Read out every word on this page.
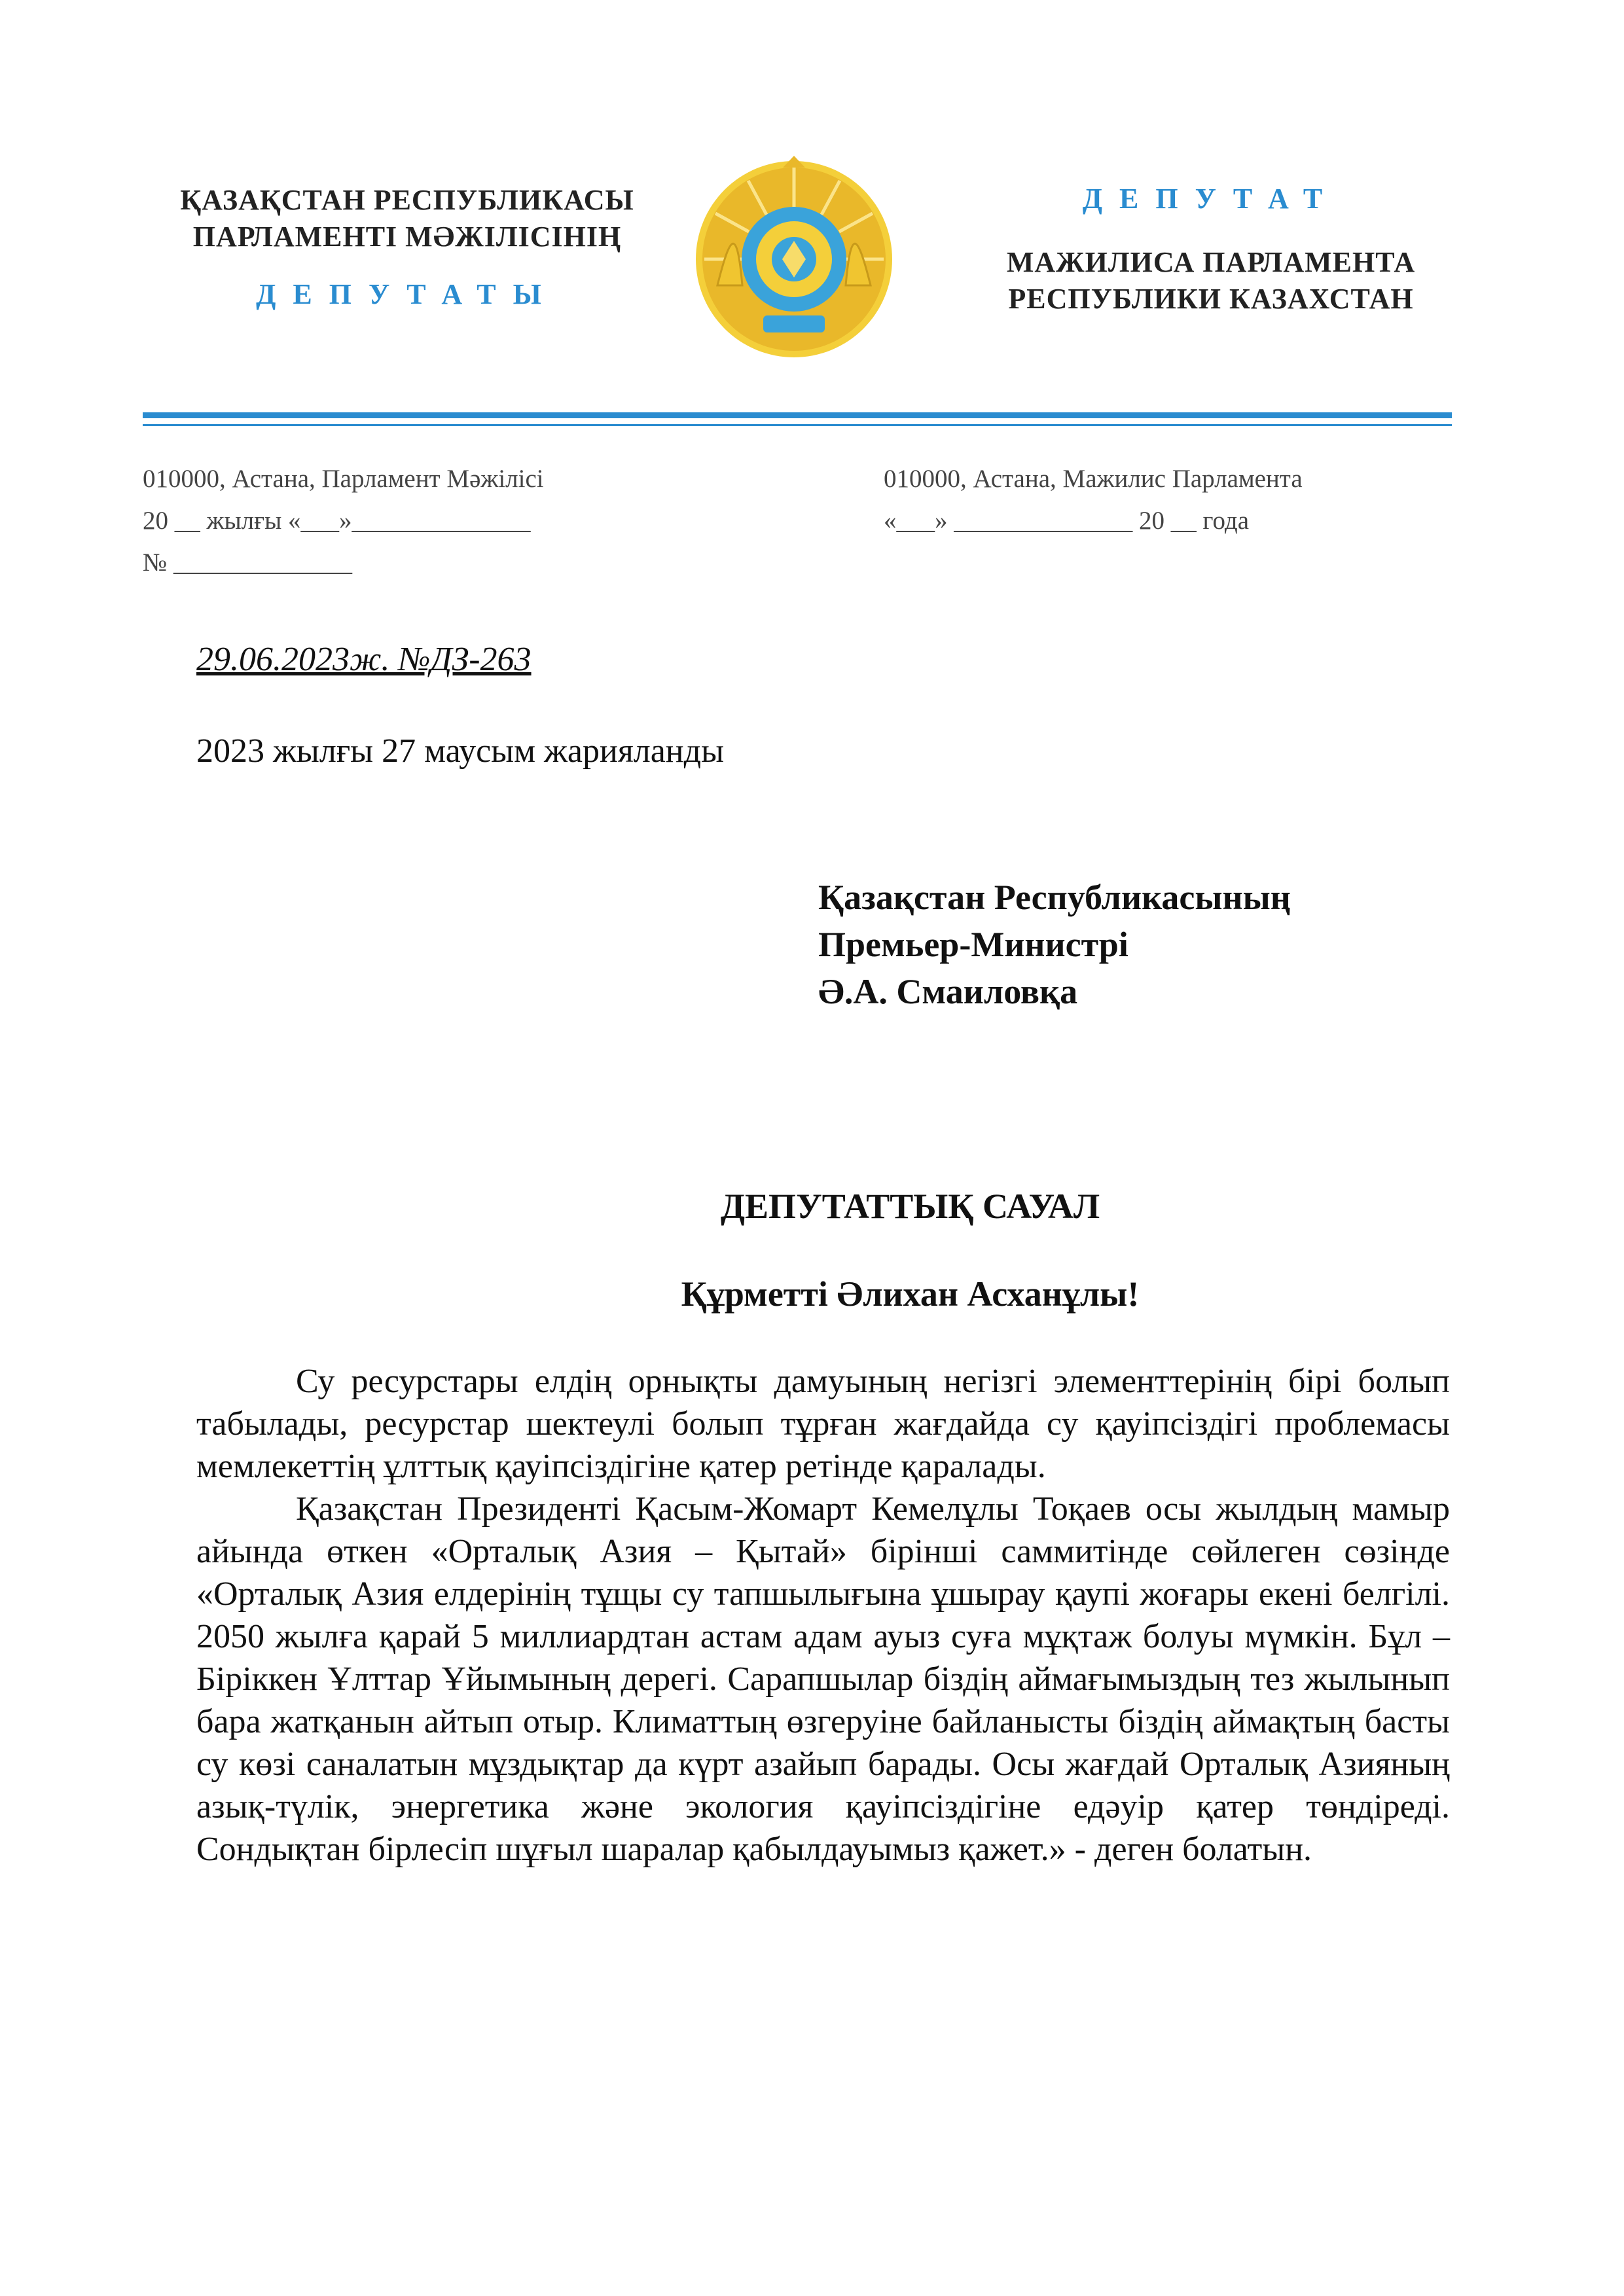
ҚАЗАҚСТАН РЕСПУБЛИКАСЫ
ПАРЛАМЕНТІ МӘЖІЛІСІНІҢ
ДЕПУТАТЫ
ДЕПУТАТ
МАЖИЛИСА ПАРЛАМЕНТА
РЕСПУБЛИКИ КАЗАХСТАН
010000, Астана, Парламент Мәжілісі
20 __ жылғы «___»______________
№ ______________
010000, Астана, Мажилис Парламента
«___» ______________ 20 __ года
29.06.2023ж. №ДЗ-263
2023 жылғы 27 маусым жарияланды
Қазақстан Республикасының
Премьер-Министрі
Ә.А. Смаиловқа
ДЕПУТАТТЫҚ САУАЛ
Құрметті Әлихан Асханұлы!

Су ресурстары елдің орнықты дамуының негізгі элементтерінің бірі болып табылады, ресурстар шектеулі болып тұрған жағдайда су қауіпсіздігі проблемасы мемлекеттің ұлттық қауіпсіздігіне қатер ретінде қаралады.

Қазақстан Президенті Қасым-Жомарт Кемелұлы Тоқаев осы жылдың мамыр айында өткен «Орталық Азия – Қытай» бірінші саммитінде сөйлеген сөзінде «Орталық Азия елдерінің тұщы су тапшылығына ұшырау қаупі жоғары екені белгілі. 2050 жылға қарай 5 миллиардтан астам адам ауыз суға мұқтаж болуы мүмкін. Бұл – Біріккен Ұлттар Ұйымының дерегі. Сарапшылар біздің аймағымыздың тез жылынып бара жатқанын айтып отыр. Климаттың өзгеруіне байланысты біздің аймақтың басты су көзі саналатын мұздықтар да күрт азайып барады. Осы жағдай Орталық Азияның азық-түлік, энергетика және экология қауіпсіздігіне едәуір қатер төндіреді. Сондықтан бірлесіп шұғыл шаралар қабылдауымыз қажет.» - деген болатын.
